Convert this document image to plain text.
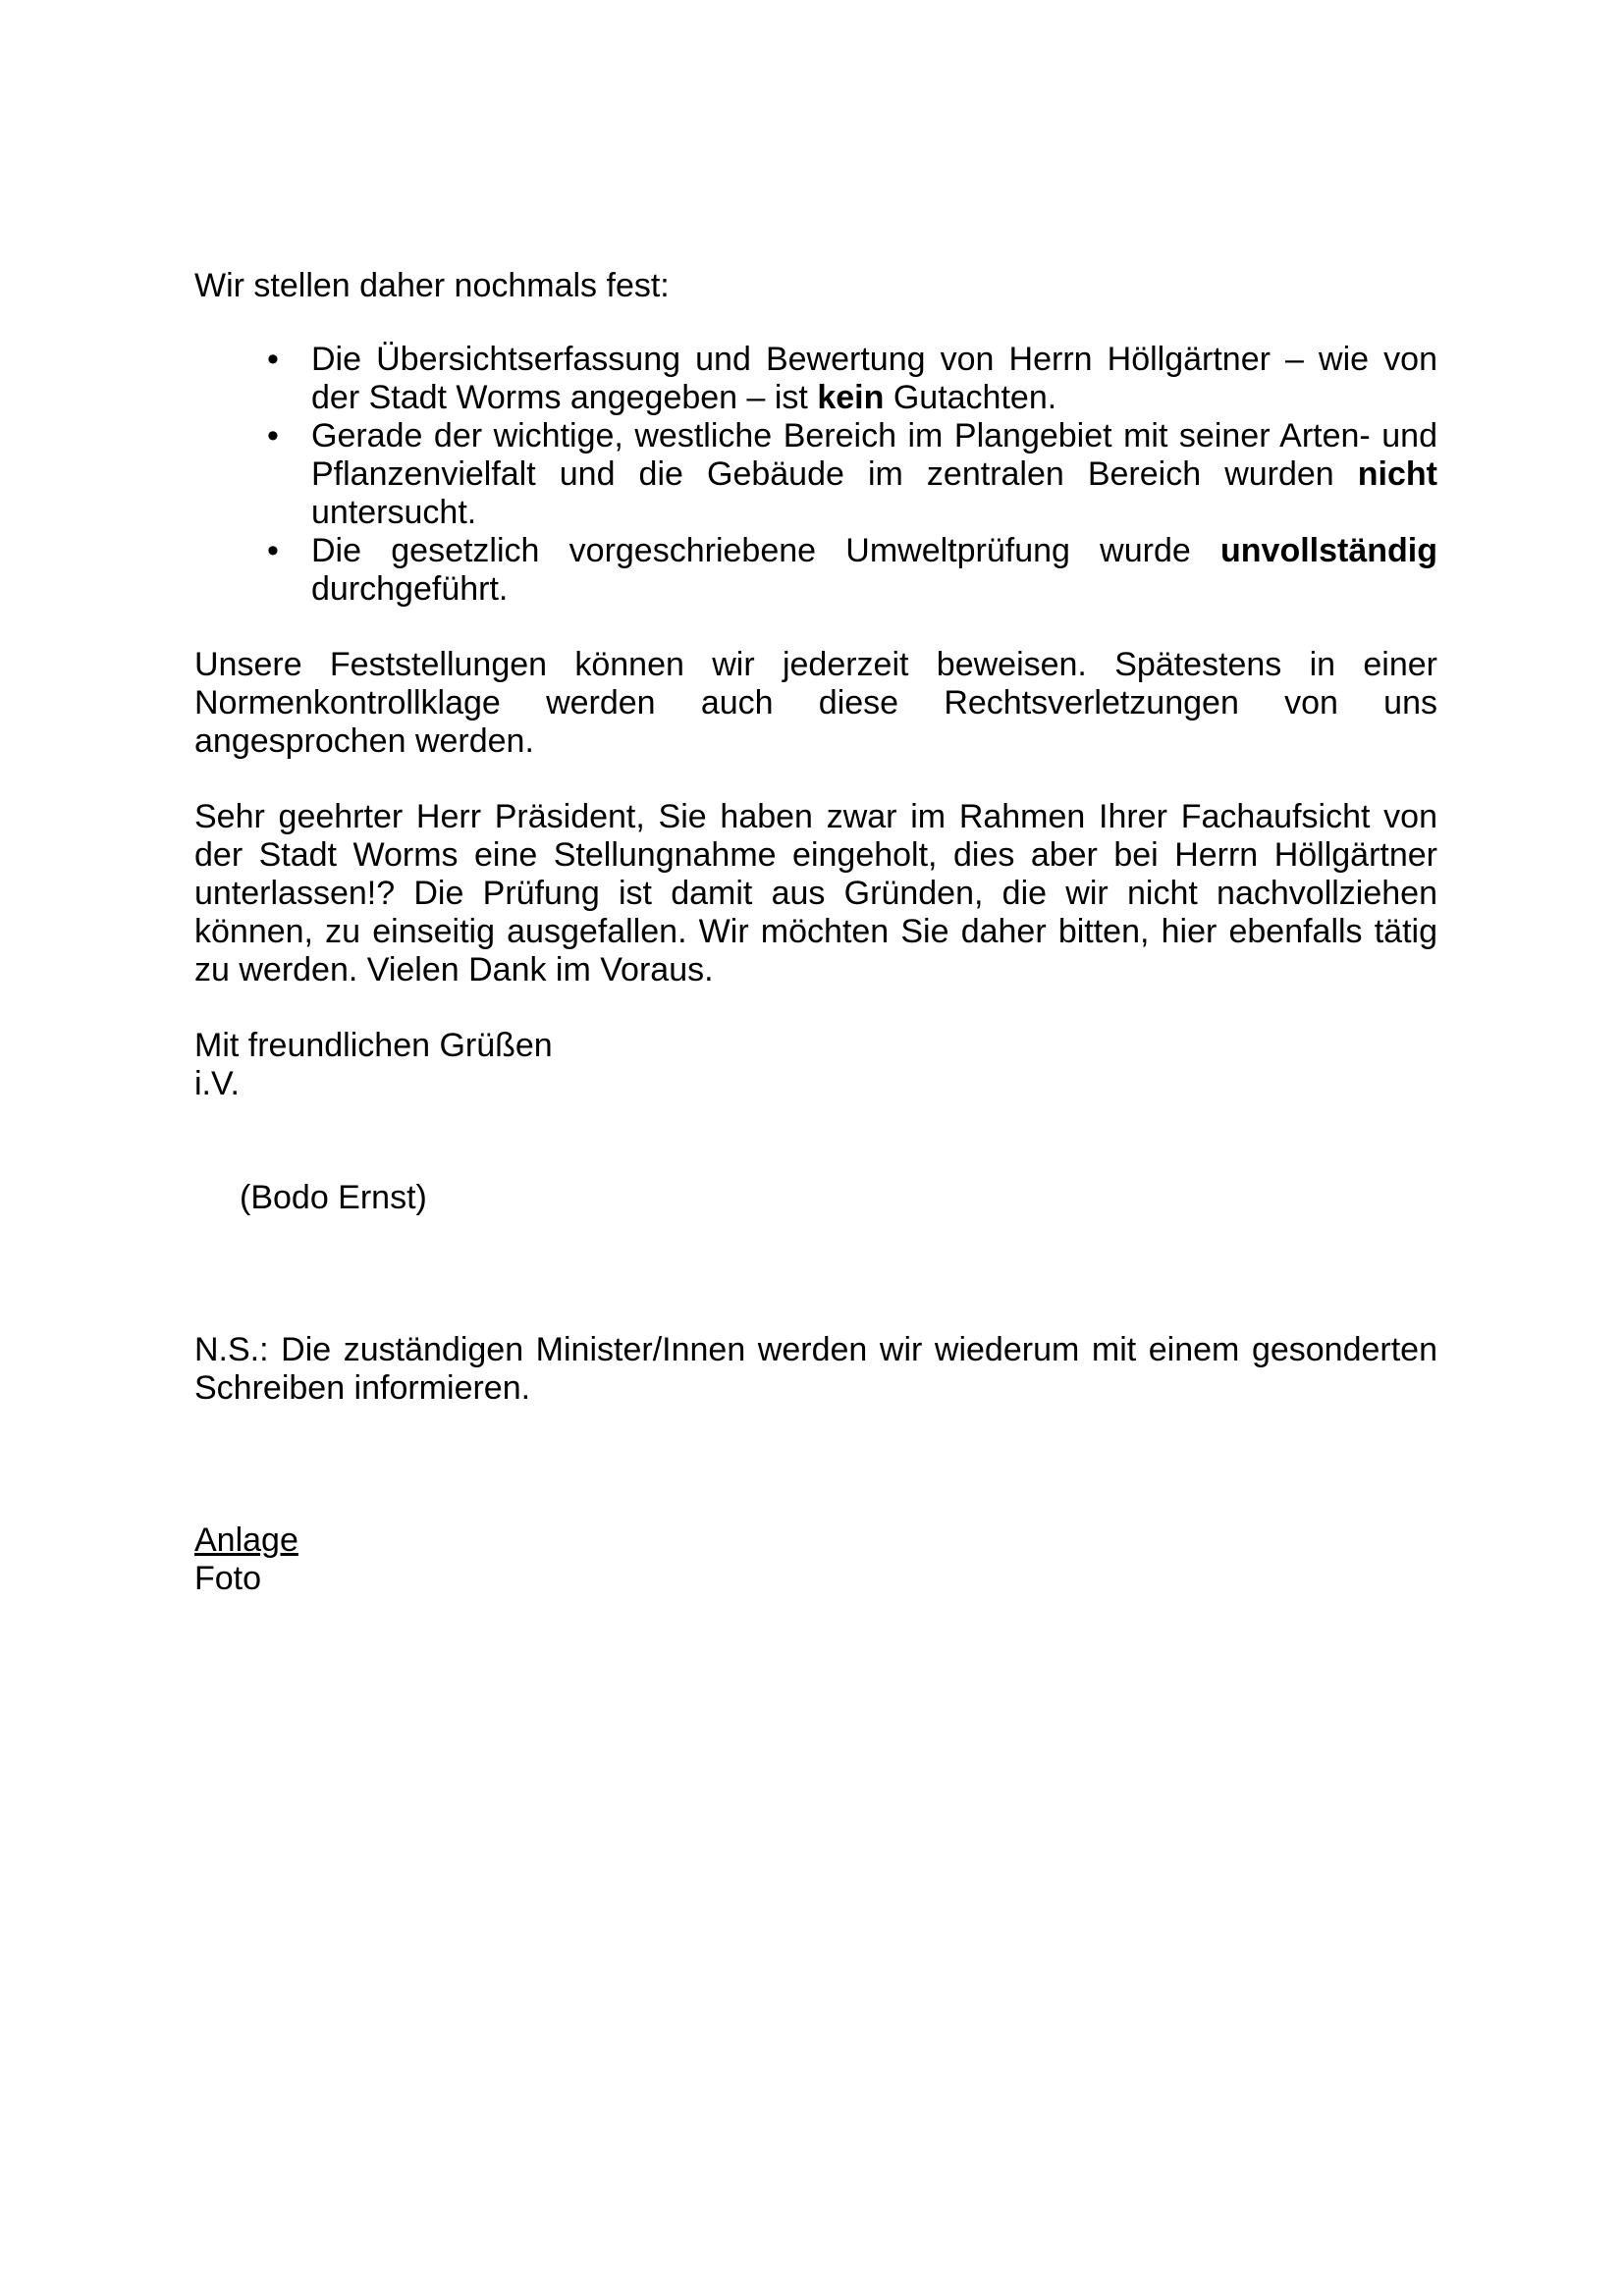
Wir stellen daher nochmals fest:

• Die Übersichtserfassung und Bewertung von Herrn Höllgärtner – wie von der Stadt Worms angegeben – ist kein Gutachten.
• Gerade der wichtige, westliche Bereich im Plangebiet mit seiner Arten- und Pflanzenvielfalt und die Gebäude im zentralen Bereich wurden nicht untersucht.
• Die gesetzlich vorgeschriebene Umweltprüfung wurde unvollständig durchgeführt.

Unsere Feststellungen können wir jederzeit beweisen. Spätestens in einer Normenkontrollklage werden auch diese Rechtsverletzungen von uns angesprochen werden.

Sehr geehrter Herr Präsident, Sie haben zwar im Rahmen Ihrer Fachaufsicht von der Stadt Worms eine Stellungnahme eingeholt, dies aber bei Herrn Höllgärtner unterlassen!? Die Prüfung ist damit aus Gründen, die wir nicht nachvollziehen können, zu einseitig ausgefallen. Wir möchten Sie daher bitten, hier ebenfalls tätig zu werden. Vielen Dank im Voraus.

Mit freundlichen Grüßen

i.V.

(Bodo Ernst)

N.S.: Die zuständigen Minister/Innen werden wir wiederum mit einem gesonderten Schreiben informieren.

Anlage

Foto
